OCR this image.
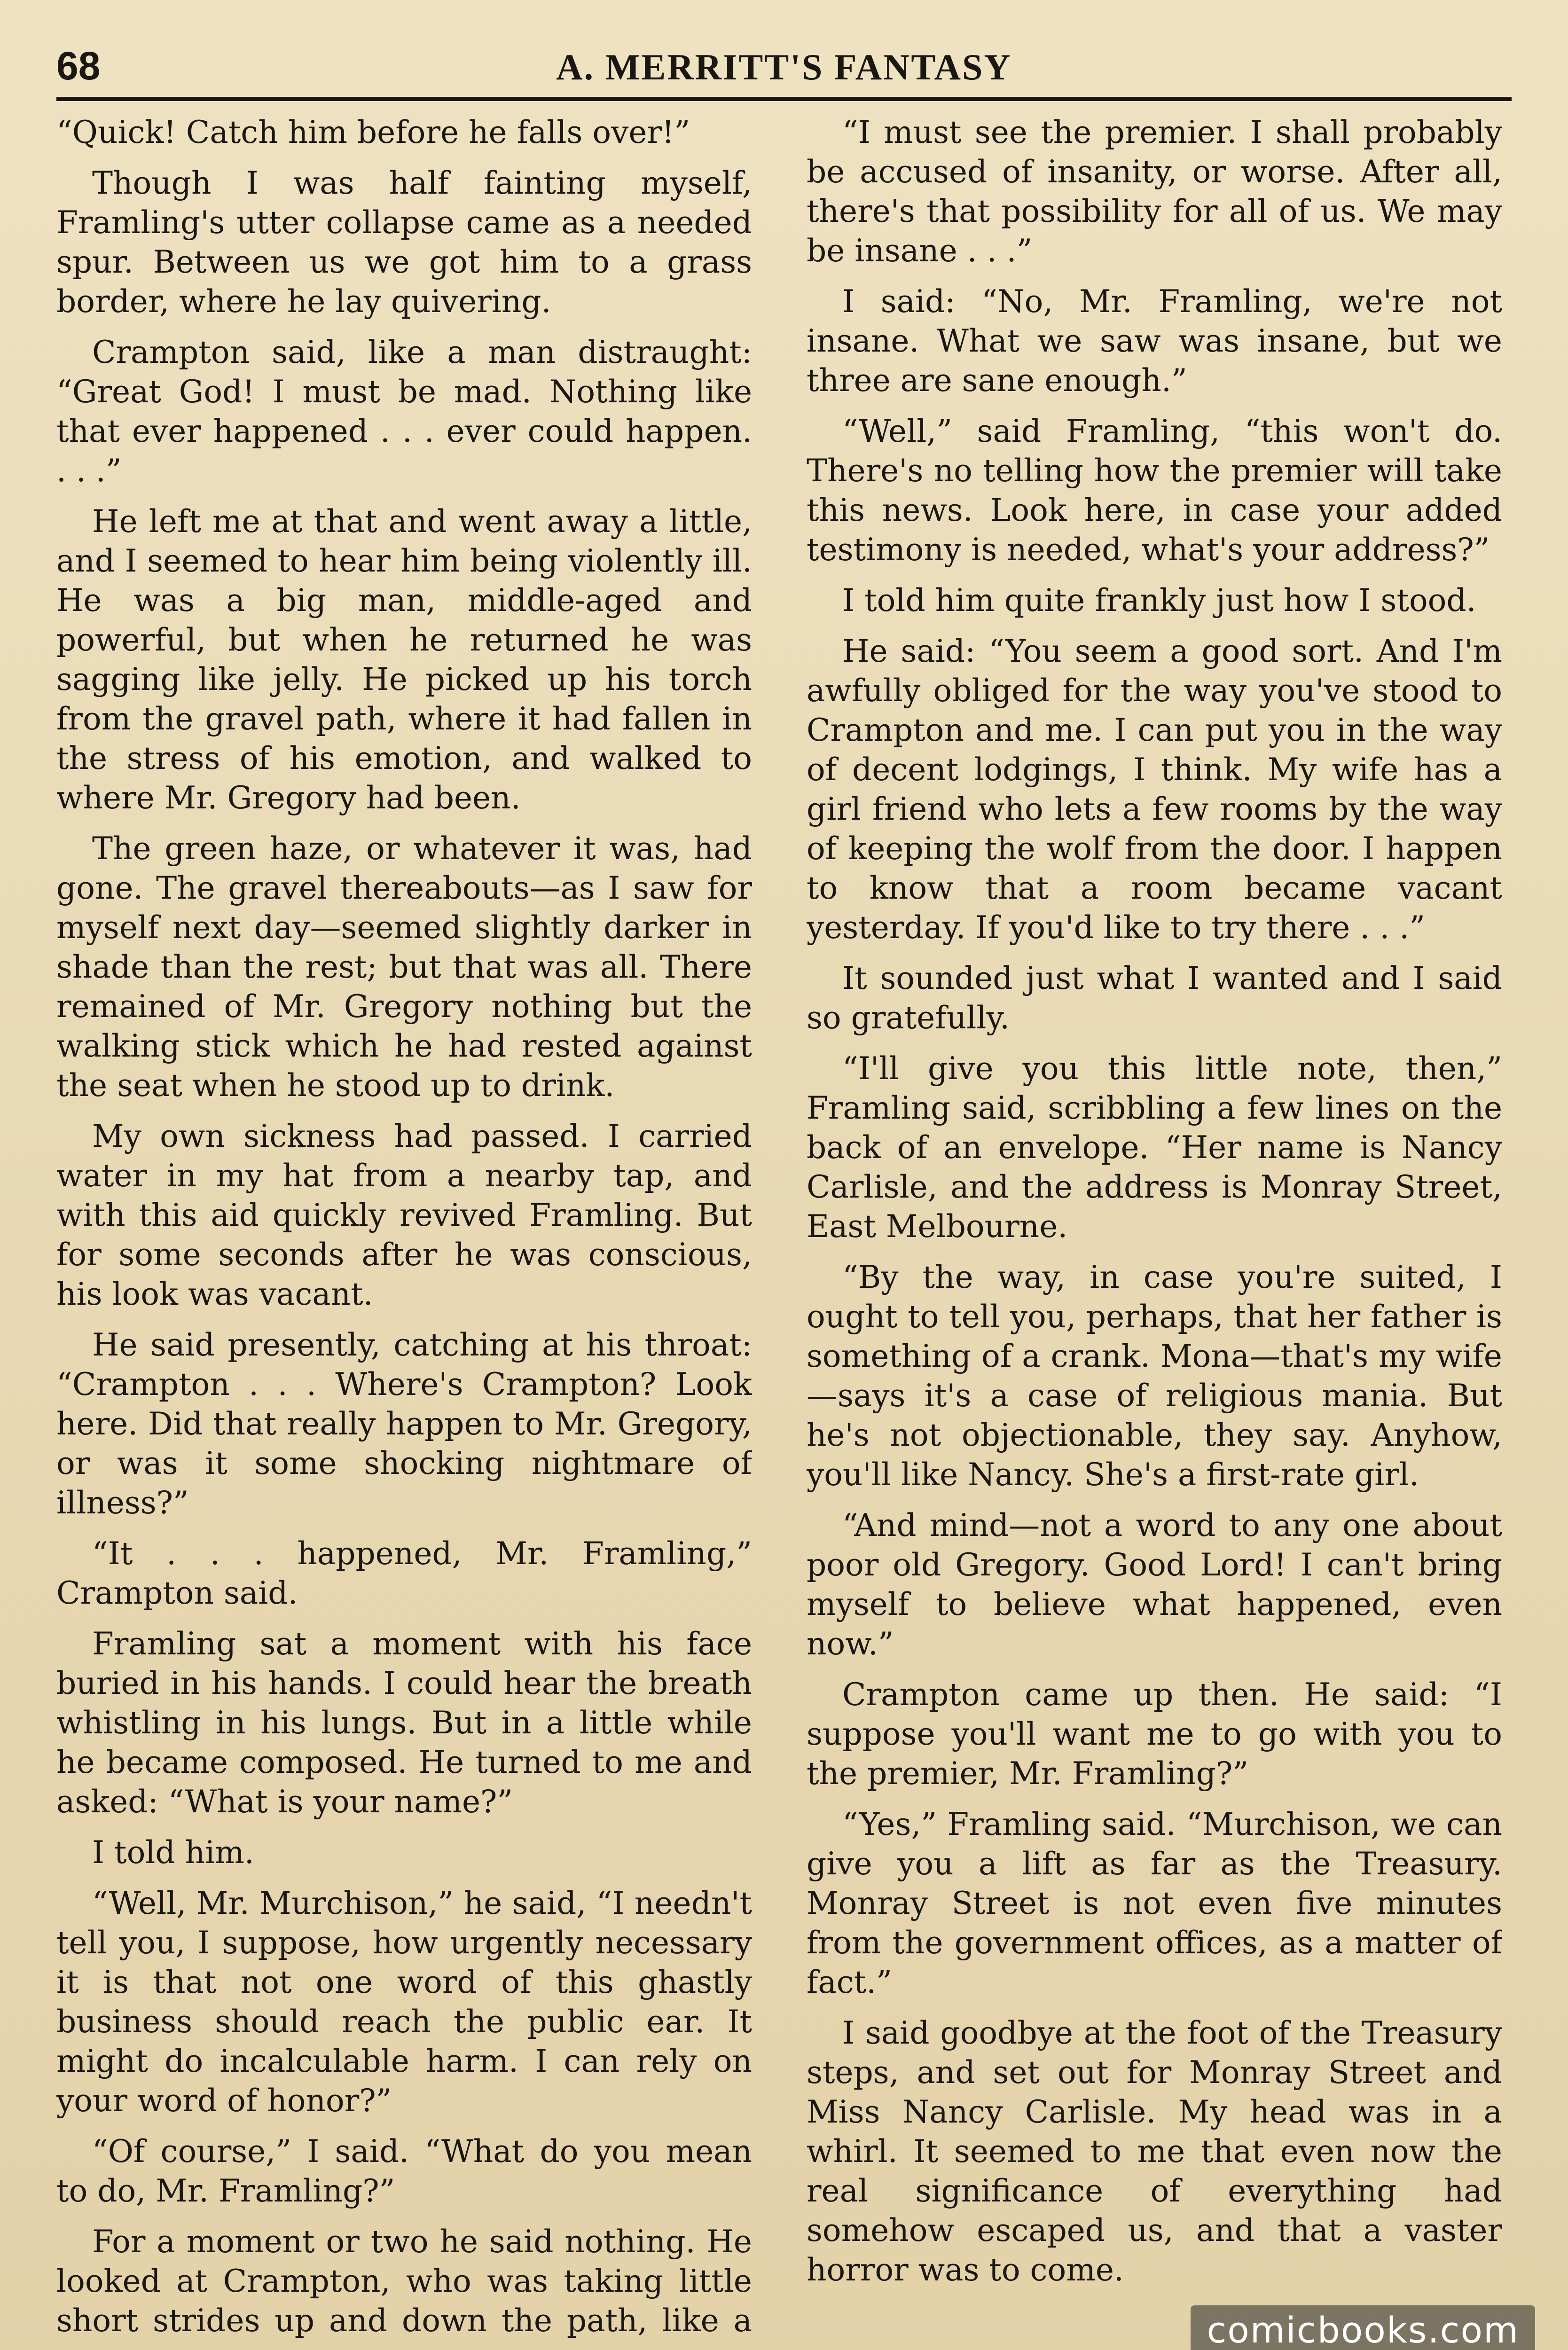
68	A. MERRITT'S FANTASY

“Quick! Catch him before he falls over!”

Though I was half fainting myself, Framling's utter collapse came as a needed spur. Between us we got him to a grass border, where he lay quivering.

Crampton said, like a man distraught: “Great God! I must be mad. Nothing like that ever happened . . . ever could happen. . . .”

He left me at that and went away a little, and I seemed to hear him being violently ill. He was a big man, middle-aged and powerful, but when he returned he was sagging like jelly. He picked up his torch from the gravel path, where it had fallen in the stress of his emotion, and walked to where Mr. Gregory had been.

The green haze, or whatever it was, had gone. The gravel thereabouts—as I saw for myself next day—seemed slightly darker in shade than the rest; but that was all. There remained of Mr. Gregory nothing but the walking stick which he had rested against the seat when he stood up to drink.

My own sickness had passed. I carried water in my hat from a nearby tap, and with this aid quickly revived Framling. But for some seconds after he was conscious, his look was vacant.

He said presently, catching at his throat: “Crampton . . . Where's Crampton? Look here. Did that really happen to Mr. Gregory, or was it some shocking nightmare of illness?”

“It . . . happened, Mr. Framling,” Crampton said.

Framling sat a moment with his face buried in his hands. I could hear the breath whistling in his lungs. But in a little while he became composed. He turned to me and asked: “What is your name?”

I told him.

“Well, Mr. Murchison,” he said, “I needn't tell you, I suppose, how urgently necessary it is that not one word of this ghastly business should reach the public ear. It might do incalculable harm. I can rely on your word of honor?”

“Of course,” I said. “What do you mean to do, Mr. Framling?”

For a moment or two he said nothing. He looked at Crampton, who was taking little short strides up and down the path, like a

“I must see the premier. I shall probably be accused of insanity, or worse. After all, there's that possibility for all of us. We may be insane . . .”

I said: “No, Mr. Framling, we're not insane. What we saw was insane, but we three are sane enough.”

“Well,” said Framling, “this won't do. There's no telling how the premier will take this news. Look here, in case your added testimony is needed, what's your address?”

I told him quite frankly just how I stood.

He said: “You seem a good sort. And I'm awfully obliged for the way you've stood to Crampton and me. I can put you in the way of decent lodgings, I think. My wife has a girl friend who lets a few rooms by the way of keeping the wolf from the door. I happen to know that a room became vacant yesterday. If you'd like to try there . . .”

It sounded just what I wanted and I said so gratefully.

“I'll give you this little note, then,” Framling said, scribbling a few lines on the back of an envelope. “Her name is Nancy Carlisle, and the address is Monray Street, East Melbourne.

“By the way, in case you're suited, I ought to tell you, perhaps, that her father is something of a crank. Mona—that's my wife—says it's a case of religious mania. But he's not objectionable, they say. Anyhow, you'll like Nancy. She's a first-rate girl.

“And mind—not a word to any one about poor old Gregory. Good Lord! I can't bring myself to believe what happened, even now.”

Crampton came up then. He said: “I suppose you'll want me to go with you to the premier, Mr. Framling?”

“Yes,” Framling said. “Murchison, we can give you a lift as far as the Treasury. Monray Street is not even five minutes from the government offices, as a matter of fact.”

I said goodbye at the foot of the Treasury steps, and set out for Monray Street and Miss Nancy Carlisle. My head was in a whirl. It seemed to me that even now the real significance of everything had somehow escaped us, and that a vaster horror was to come.

comicbooks.com
